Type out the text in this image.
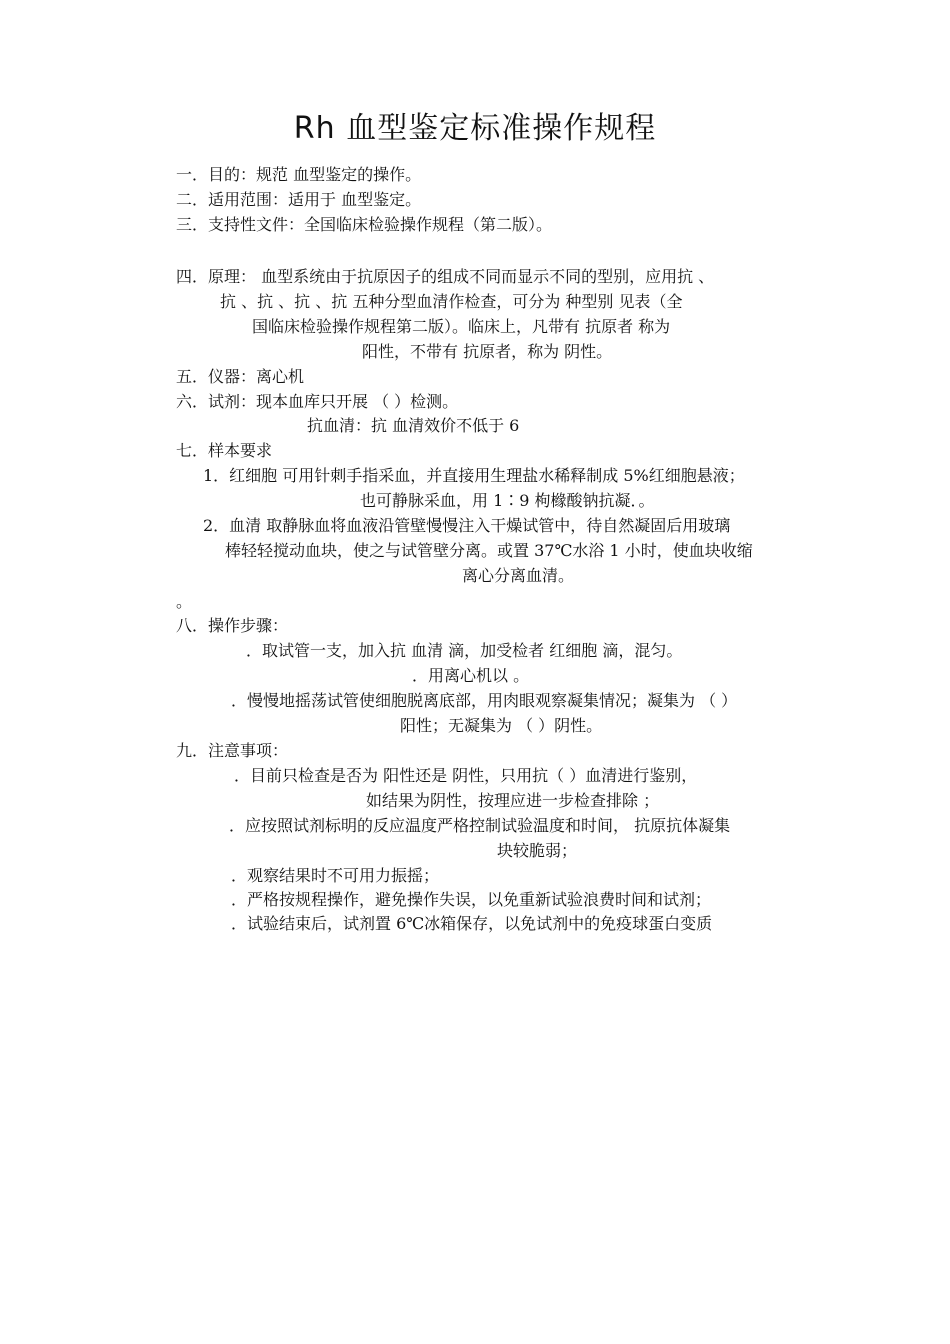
Rh 血型鉴定标准操作规程
一．目的：规范 血型鉴定的操作。
二．适用范围：适用于 血型鉴定。
三．支持性文件：全国临床检验操作规程（第二版）。
四．原理： 血型系统由于抗原因子的组成不同而显示不同的型别，应用抗 、
抗 、抗 、抗 、抗 五种分型血清作检查，可分为 种型别 见表（全
国临床检验操作规程第二版）。临床上，凡带有 抗原者 称为
阳性，不带有 抗原者，称为 阴性。
五．仪器：离心机
六．试剂：现本血库只开展 （ ）检测。
抗血清：抗 血清效价不低于 6
七．样本要求
1．红细胞 可用针刺手指采血，并直接用生理盐水稀释制成 5%红细胞悬液；
也可静脉采血，用 1∶9 枸橼酸钠抗凝．。
2．血清 取静脉血将血液沿管壁慢慢注入干燥试管中，待自然凝固后用玻璃
棒轻轻搅动血块，使之与试管壁分离。或置 37℃水浴 1 小时，使血块收缩
离心分离血清。
。
八．操作步骤：
．取试管一支，加入抗 血清 滴，加受检者 红细胞 滴，混匀。
．用离心机以 。
．慢慢地摇荡试管使细胞脱离底部，用肉眼观察凝集情况；凝集为 （ ）
阳性；无凝集为 （ ）阴性。
九．注意事项：
．目前只检查是否为 阳性还是 阴性，只用抗（ ）血清进行鉴别，
如结果为阴性，按理应进一步检查排除 ；
．应按照试剂标明的反应温度严格控制试验温度和时间， 抗原抗体凝集
块较脆弱；
．观察结果时不可用力振摇；
．严格按规程操作，避免操作失误，以免重新试验浪费时间和试剂；
．试验结束后，试剂置 6℃冰箱保存，以免试剂中的免疫球蛋白变质
